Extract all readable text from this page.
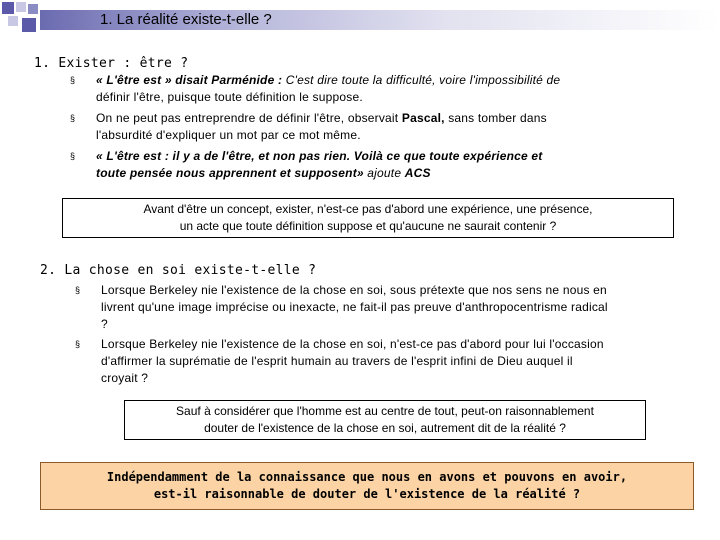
1. La réalité existe-t-elle ?
1. Exister : être ?
§ « L'être est » disait Parménide : C'est dire toute la difficulté, voire l'impossibilité de
définir l'être, puisque toute définition le suppose.
§ On ne peut pas entreprendre de définir l'être, observait Pascal, sans tomber dans
l'absurdité d'expliquer un mot par ce mot même.
§ « L'être est : il y a de l'être, et non pas rien. Voilà ce que toute expérience et
toute pensée nous apprennent et supposent» ajoute ACS
Avant d'être un concept, exister, n'est-ce pas d'abord une expérience, une présence,
un acte que toute définition suppose et qu'aucune ne saurait contenir ?
2. La chose en soi existe-t-elle ?
§ Lorsque Berkeley nie l'existence de la chose en soi, sous prétexte que nos sens ne nous en
livrent qu'une image imprécise ou inexacte, ne fait-il pas preuve d'anthropocentrisme radical
?
§ Lorsque Berkeley nie l'existence de la chose en soi, n'est-ce pas d'abord pour lui l'occasion
d'affirmer la suprématie de l'esprit humain au travers de l'esprit infini de Dieu auquel il
croyait ?
Sauf à considérer que l'homme est au centre de tout, peut-on raisonnablement
douter de l'existence de la chose en soi, autrement dit de la réalité ?
Indépendamment de la connaissance que nous en avons et pouvons en avoir,
est-il raisonnable de douter de l'existence de la réalité ?
